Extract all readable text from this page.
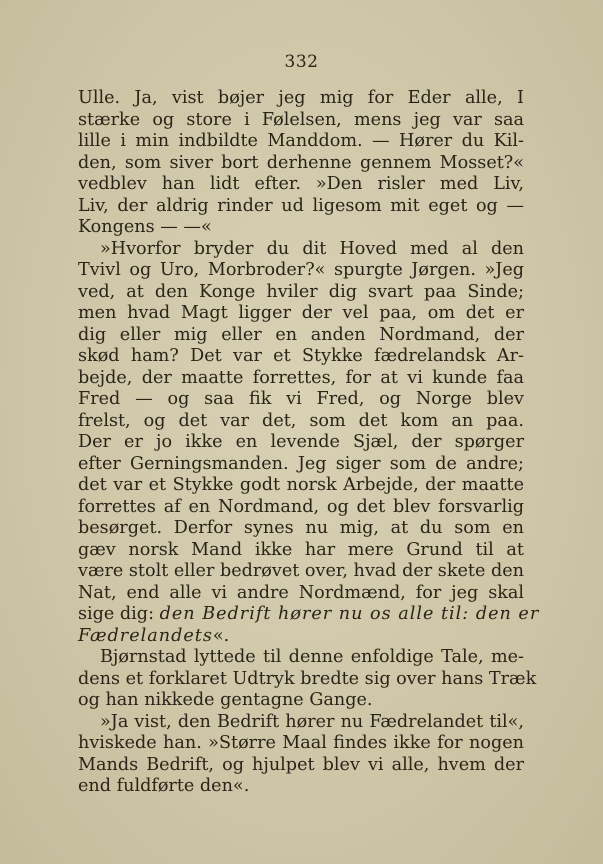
332
Ulle. Ja, vist bøjer jeg mig for Eder alle, I
stærke og store i Følelsen, mens jeg var saa
lille i min indbildte Manddom. — Hører du Kil-
den, som siver bort derhenne gennem Mosset?«
vedblev han lidt efter. »Den risler med Liv,
Liv, der aldrig rinder ud ligesom mit eget og —
Kongens — —«
»Hvorfor bryder du dit Hoved med al den
Tvivl og Uro, Morbroder?« spurgte Jørgen. »Jeg
ved, at den Konge hviler dig svart paa Sinde;
men hvad Magt ligger der vel paa, om det er
dig eller mig eller en anden Nordmand, der
skød ham? Det var et Stykke fædrelandsk Ar-
bejde, der maatte forrettes, for at vi kunde faa
Fred — og saa fik vi Fred, og Norge blev
frelst, og det var det, som det kom an paa.
Der er jo ikke en levende Sjæl, der spørger
efter Gerningsmanden. Jeg siger som de andre;
det var et Stykke godt norsk Arbejde, der maatte
forrettes af en Nordmand, og det blev forsvarlig
besørget. Derfor synes nu mig, at du som en
gæv norsk Mand ikke har mere Grund til at
være stolt eller bedrøvet over, hvad der skete den
Nat, end alle vi andre Nordmænd, for jeg skal
sige dig: den Bedrift hører nu os alle til: den er
Fædrelandets«.
Bjørnstad lyttede til denne enfoldige Tale, me-
dens et forklaret Udtryk bredte sig over hans Træk
og han nikkede gentagne Gange.
»Ja vist, den Bedrift hører nu Fædrelandet til«,
hviskede han. »Større Maal findes ikke for nogen
Mands Bedrift, og hjulpet blev vi alle, hvem der
end fuldførte den«.
